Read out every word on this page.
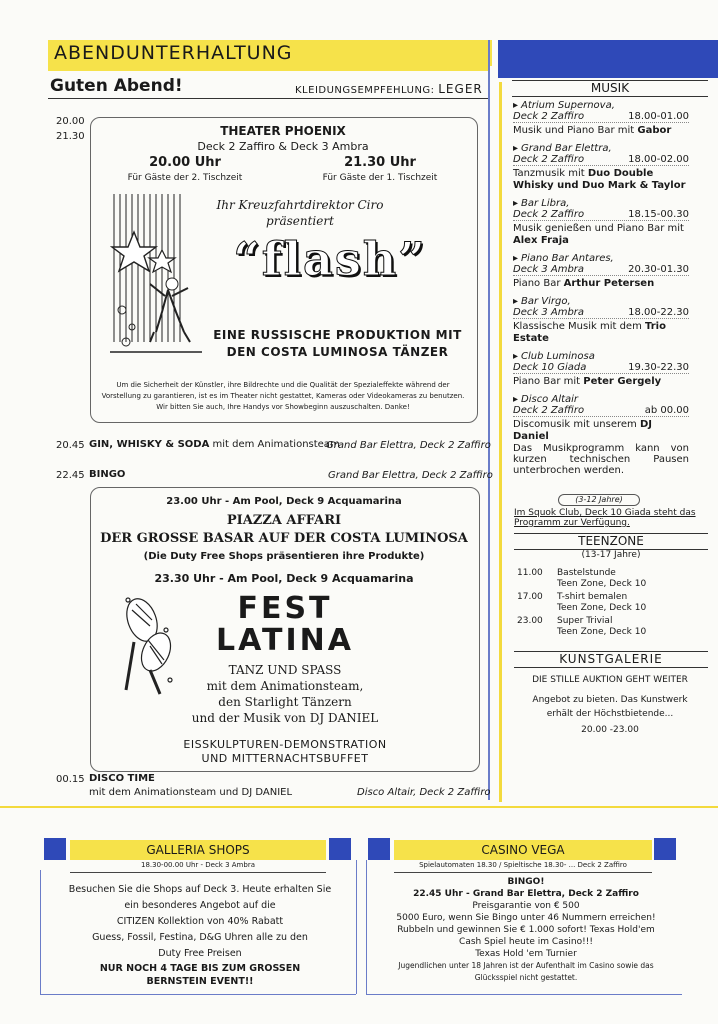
ABENDUNTERHALTUNG
Guten Abend!	KLEIDUNGSEMPFEHLUNG: LEGER
20.00
21.30	THEATER PHOENIX
Deck 2 Zaffiro & Deck 3 Ambra
20.00 Uhr
Für Gäste der 2. Tischzeit
21.30 Uhr
Für Gäste der 1. Tischzeit
Ihr Kreuzfahrtdirektor Ciro
präsentiert
“flash”
EINE RUSSISCHE PRODUKTION MIT
DEN COSTA LUMINOSA TÄNZER
Um die Sicherheit der Künstler, ihre Bildrechte und die Qualität der Spezialeffekte während der
Vorstellung zu garantieren, ist es im Theater nicht gestattet, Kameras oder Videokameras zu benutzen.
Wir bitten Sie auch, Ihre Handys vor Showbeginn auszuschalten. Danke!
20.45 GIN, WHISKY & SODA mit dem Animationsteam
Grand Bar Elettra, Deck 2 Zaffiro
22.45 BINGO	Grand Bar Elettra, Deck 2 Zaffiro
23.00 Uhr - Am Pool, Deck 9 Acquamarina
PIAZZA AFFARI
DER GROSSE BASAR AUF DER COSTA LUMINOSA
(Die Duty Free Shops präsentieren ihre Produkte)
23.30 Uhr - Am Pool, Deck 9 Acquamarina
FEST
LATINA
TANZ UND SPASS
mit dem Animationsteam,
den Starlight Tänzern
und der Musik von DJ DANIEL
EISSKULPTUREN-DEMONSTRATION
UND MITTERNACHTSBUFFET
00.15 DISCO TIME
mit dem Animationsteam und DJ DANIEL	Disco Altair, Deck 2 Zaffiro
MUSIK
Atrium Supernova,
▸
Deck 2 Zaffiro	18.00-01.00
Musik und Piano Bar mit Gabor
Grand Bar Elettra,
▸
Deck 2 Zaffiro	18.00-02.00
Tanzmusik mit Duo Double Whisky und Duo Mark & Taylor
Bar Libra,
▸
Deck 2 Zaffiro	18.15-00.30
Musik genießen und Piano Bar mit Alex Fraja
Piano Bar Antares,
▸
Deck 3 Ambra	20.30-01.30
Piano Bar Arthur Petersen
Bar Virgo,
▸
Deck 3 Ambra	18.00-22.30
Klassische Musik mit dem Trio Estate
Club Luminosa
▸
Deck 10 Giada	19.30-22.30
Piano Bar mit Peter Gergely
Disco Altair
▸
Deck 2 Zaffiro	ab 00.00
Discomusik mit unserem DJ Daniel
Das Musikprogramm kann von kurzen technischen Pausen unterbrochen werden.
(3-12 Jahre)
Im Squok Club, Deck 10 Giada steht das
Programm zur Verfügung.
TEENZONE
(13-17 Jahre)
11.00	Bastelstunde
Teen Zone, Deck 10
17.00	T-shirt bemalen
Teen Zone, Deck 10
23.00	Super Trivial
Teen Zone, Deck 10
KUNSTGALERIE
DIE STILLE AUKTION GEHT WEITER
Angebot zu bieten. Das Kunstwerk
erhält der Höchstbietende...
20.00 -23.00
GALLERIA SHOPS
18.30-00.00 Uhr - Deck 3 Ambra
Besuchen Sie die Shops auf Deck 3. Heute erhalten Sie
ein besonderes Angebot auf die
CITIZEN Kollektion von 40% Rabatt
Guess, Fossil, Festina, D&G Uhren alle zu den
Duty Free Preisen
NUR NOCH 4 TAGE BIS ZUM GROSSEN
BERNSTEIN EVENT!!
CASINO VEGA
Spielautomaten 18.30 / Spieltische 18.30- ... Deck 2 Zaffiro
BINGO!
22.45 Uhr - Grand Bar Elettra, Deck 2 Zaffiro
Preisgarantie von € 500
5000 Euro, wenn Sie Bingo unter 46 Nummern erreichen!
Rubbeln und gewinnen Sie € 1.000 sofort! Texas Hold'em
Cash Spiel heute im Casino!!!
Texas Hold 'em Turnier
Jugendlichen unter 18 Jahren ist der Aufenthalt im Casino sowie das
Glücksspiel nicht gestattet.
